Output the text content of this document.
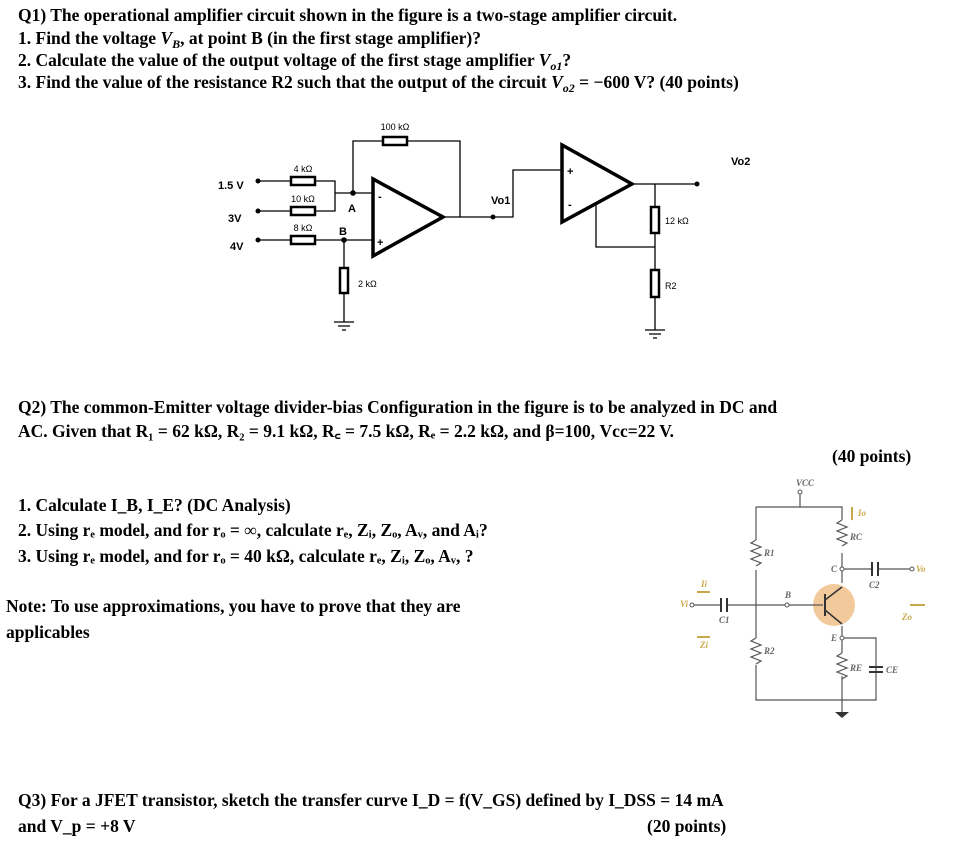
Q1) The operational amplifier circuit shown in the figure is a two-stage amplifier circuit.
1. Find the voltage $V_B$, at point B (in the first stage amplifier)?
2. Calculate the value of the output voltage of the first stage amplifier $V_{o1}$?
3. Find the value of the resistance R2 such that the output of the circuit $V_{o2} = -600$ V? (40 points)
100 kΩ
4 kΩ
10 kΩ
8 kΩ
2 kΩ
12 kΩ
R2
1.5 V
3V
4V
A
B
Vo1
Vo2
-
+
+
-
VCC
R1
R2
RC
RE
C1
C2
CE
B
C
E
Vi
Vo
Ii
Io
Zi
Zo
Q2) The common-Emitter voltage divider-bias Configuration in the figure is to be analyzed in DC and
AC. Given that R₁ = 62 kΩ, R₂ = 9.1 kΩ, R꜀ = 7.5 kΩ, Rₑ = 2.2 kΩ, and β=100, Vcc=22 V.
(40 points)
1. Calculate I_B, I_E? (DC Analysis)
2. Using rₑ model, and for rₒ = ∞, calculate rₑ, Zᵢ, Zₒ, Aᵥ, and Aᵢ?
3. Using rₑ model, and for rₒ = 40 kΩ, calculate rₑ, Zᵢ, Zₒ, Aᵥ, ?
Note: To use approximations, you have to prove that they are
applicables
Q3) For a JFET transistor, sketch the transfer curve I_D = f(V_GS) defined by I_DSS = 14 mA
and V_p = +8 V	(20 points)
